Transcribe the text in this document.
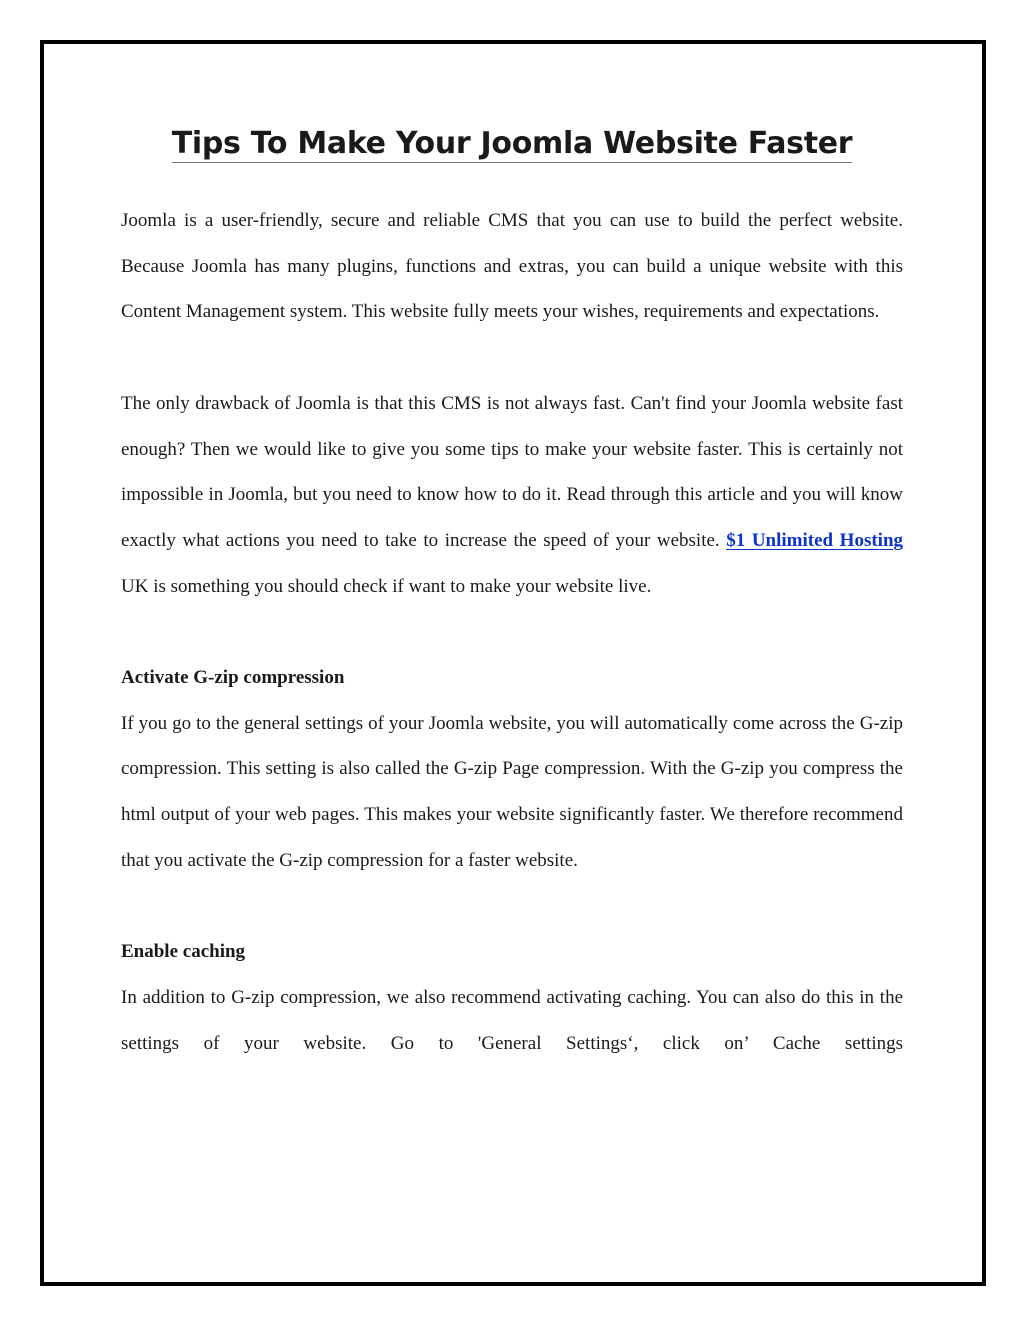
Tips To Make Your Joomla Website Faster

Joomla is a user-friendly, secure and reliable CMS that you can use to build the perfect website. Because Joomla has many plugins, functions and extras, you can build a unique website with this Content Management system. This website fully meets your wishes, requirements and expectations.

The only drawback of Joomla is that this CMS is not always fast. Can't find your Joomla website fast enough? Then we would like to give you some tips to make your website faster. This is certainly not impossible in Joomla, but you need to know how to do it. Read through this article and you will know exactly what actions you need to take to increase the speed of your website. $1 Unlimited Hosting UK is something you should check if want to make your website live.

Activate G-zip compression

If you go to the general settings of your Joomla website, you will automatically come across the G-zip compression. This setting is also called the G-zip Page compression. With the G-zip you compress the html output of your web pages. This makes your website significantly faster. We therefore recommend that you activate the G-zip compression for a faster website.

Enable caching

In addition to G-zip compression, we also recommend activating caching. You can also do this in the settings of your website. Go to 'General Settings‘, click on’ Cache settings
